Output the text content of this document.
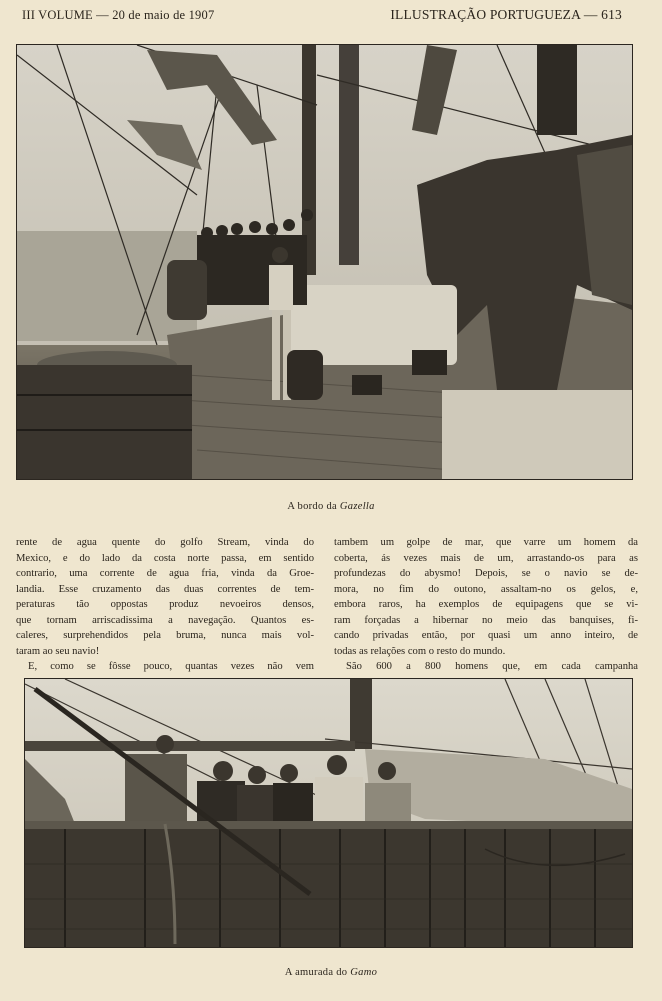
III VOLUME — 20 de maio de 1907	ILLUSTRAÇÃO PORTUGUEZA — 613
A bordo da Gazella
rente de agua quente do golfo Stream, vinda do
Mexico, e do lado da costa norte passa, em sentido
contrario, uma corrente de agua fria, vinda da Groe-
landia. Esse cruzamento das duas correntes de tem-
peraturas tão oppostas produz nevoeiros densos,
que tornam arriscadissima a navegação. Quantos es-
caleres, surprehendidos pela bruma, nunca mais vol-
taram ao seu navio!
E, como se fôsse pouco, quantas vezes não vem
tambem um golpe de mar, que varre um homem da
coberta, ás vezes mais de um, arrastando-os para as
profundezas do abysmo! Depois, se o navio se de-
mora, no fim do outono, assaltam-no os gelos, e,
embora raros, ha exemplos de equipagens que se vi-
ram forçadas a hibernar no meio das banquises, fi-
cando privadas então, por quasi um anno inteiro, de
todas as relações com o resto do mundo.
São 600 a 800 homens que, em cada campanha
A amurada do Gamo
